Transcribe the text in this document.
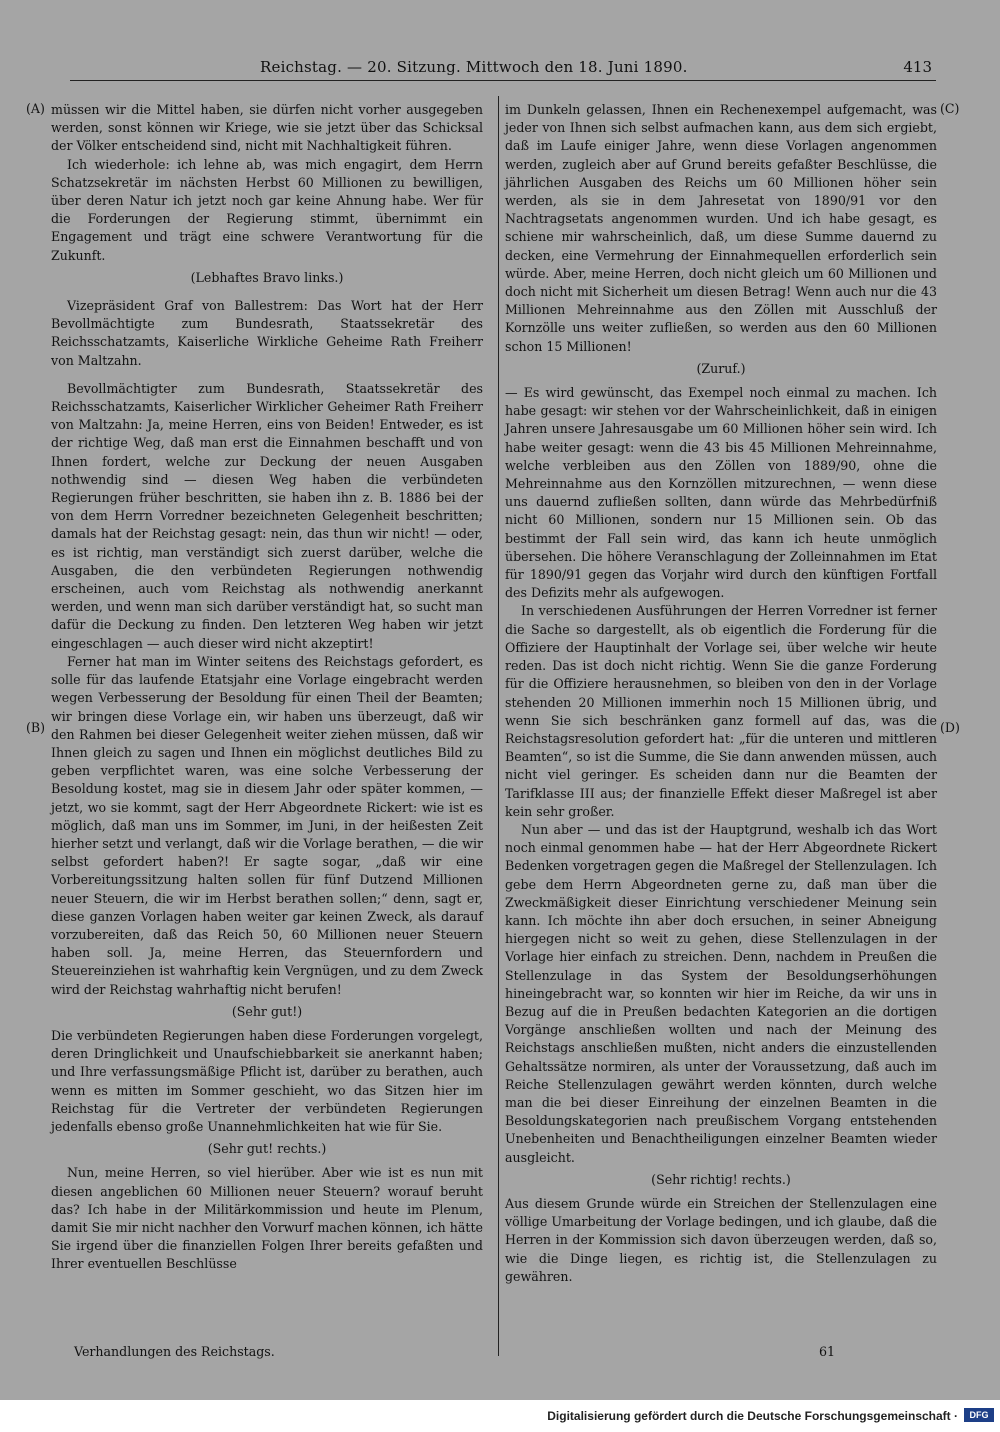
Reichstag. — 20. Sitzung. Mittwoch den 18. Juni 1890.	413
(A)
(B)
(C)
(D)

müssen wir die Mittel haben, sie dürfen nicht vorher ausgegeben werden, sonst können wir Kriege, wie sie jetzt über das Schicksal der Völker entscheidend sind, nicht mit Nachhaltigkeit führen.

Ich wiederhole: ich lehne ab, was mich engagirt, dem Herrn Schatzsekretär im nächsten Herbst 60 Millionen zu bewilligen, über deren Natur ich jetzt noch gar keine Ahnung habe. Wer für die Forderungen der Regierung stimmt, übernimmt ein Engagement und trägt eine schwere Verantwortung für die Zukunft.

(Lebhaftes Bravo links.)

Vizepräsident Graf von Ballestrem: Das Wort hat der Herr Bevollmächtigte zum Bundesrath, Staatssekretär des Reichsschatzamts, Kaiserliche Wirkliche Geheime Rath Freiherr von Maltzahn.

Bevollmächtigter zum Bundesrath, Staatssekretär des Reichsschatzamts, Kaiserlicher Wirklicher Geheimer Rath Freiherr von Maltzahn: Ja, meine Herren, eins von Beiden! Entweder, es ist der richtige Weg, daß man erst die Einnahmen beschafft und von Ihnen fordert, welche zur Deckung der neuen Ausgaben nothwendig sind — diesen Weg haben die verbündeten Regierungen früher beschritten, sie haben ihn z. B. 1886 bei der von dem Herrn Vorredner bezeichneten Gelegenheit beschritten; damals hat der Reichstag gesagt: nein, das thun wir nicht! — oder, es ist richtig, man verständigt sich zuerst darüber, welche die Ausgaben, die den verbündeten Regierungen nothwendig erscheinen, auch vom Reichstag als nothwendig anerkannt werden, und wenn man sich darüber verständigt hat, so sucht man dafür die Deckung zu finden. Den letzteren Weg haben wir jetzt eingeschlagen — auch dieser wird nicht akzeptirt!

Ferner hat man im Winter seitens des Reichstags gefordert, es solle für das laufende Etatsjahr eine Vorlage eingebracht werden wegen Verbesserung der Besoldung für einen Theil der Beamten; wir bringen diese Vorlage ein, wir haben uns überzeugt, daß wir den Rahmen bei dieser Gelegenheit weiter ziehen müssen, daß wir Ihnen gleich zu sagen und Ihnen ein möglichst deutliches Bild zu geben verpflichtet waren, was eine solche Verbesserung der Besoldung kostet, mag sie in diesem Jahr oder später kommen, — jetzt, wo sie kommt, sagt der Herr Abgeordnete Rickert: wie ist es möglich, daß man uns im Sommer, im Juni, in der heißesten Zeit hierher setzt und verlangt, daß wir die Vorlage berathen, — die wir selbst gefordert haben?! Er sagte sogar, „daß wir eine Vorbereitungssitzung halten sollen für fünf Dutzend Millionen neuer Steuern, die wir im Herbst berathen sollen;“ denn, sagt er, diese ganzen Vorlagen haben weiter gar keinen Zweck, als darauf vorzubereiten, daß das Reich 50, 60 Millionen neuer Steuern haben soll. Ja, meine Herren, das Steuernfordern und Steuereinziehen ist wahrhaftig kein Vergnügen, und zu dem Zweck wird der Reichstag wahrhaftig nicht berufen!

(Sehr gut!)

Die verbündeten Regierungen haben diese Forderungen vorgelegt, deren Dringlichkeit und Unaufschiebbarkeit sie anerkannt haben; und Ihre verfassungsmäßige Pflicht ist, darüber zu berathen, auch wenn es mitten im Sommer geschieht, wo das Sitzen hier im Reichstag für die Vertreter der verbündeten Regierungen jedenfalls ebenso große Unannehmlichkeiten hat wie für Sie.

(Sehr gut! rechts.)

Nun, meine Herren, so viel hierüber. Aber wie ist es nun mit diesen angeblichen 60 Millionen neuer Steuern? worauf beruht das? Ich habe in der Militärkommission und heute im Plenum, damit Sie mir nicht nachher den Vorwurf machen können, ich hätte Sie irgend über die finanziellen Folgen Ihrer bereits gefaßten und Ihrer eventuellen Beschlüsse

im Dunkeln gelassen, Ihnen ein Rechenexempel aufgemacht, was jeder von Ihnen sich selbst aufmachen kann, aus dem sich ergiebt, daß im Laufe einiger Jahre, wenn diese Vorlagen angenommen werden, zugleich aber auf Grund bereits gefaßter Beschlüsse, die jährlichen Ausgaben des Reichs um 60 Millionen höher sein werden, als sie in dem Jahresetat von 1890/91 vor den Nachtragsetats angenommen wurden. Und ich habe gesagt, es schiene mir wahrscheinlich, daß, um diese Summe dauernd zu decken, eine Vermehrung der Einnahmequellen erforderlich sein würde. Aber, meine Herren, doch nicht gleich um 60 Millionen und doch nicht mit Sicherheit um diesen Betrag! Wenn auch nur die 43 Millionen Mehreinnahme aus den Zöllen mit Ausschluß der Kornzölle uns weiter zufließen, so werden aus den 60 Millionen schon 15 Millionen!

(Zuruf.)

— Es wird gewünscht, das Exempel noch einmal zu machen. Ich habe gesagt: wir stehen vor der Wahrscheinlichkeit, daß in einigen Jahren unsere Jahresausgabe um 60 Millionen höher sein wird. Ich habe weiter gesagt: wenn die 43 bis 45 Millionen Mehreinnahme, welche verbleiben aus den Zöllen von 1889/90, ohne die Mehreinnahme aus den Kornzöllen mitzurechnen, — wenn diese uns dauernd zufließen sollten, dann würde das Mehrbedürfniß nicht 60 Millionen, sondern nur 15 Millionen sein. Ob das bestimmt der Fall sein wird, das kann ich heute unmöglich übersehen. Die höhere Veranschlagung der Zolleinnahmen im Etat für 1890/91 gegen das Vorjahr wird durch den künftigen Fortfall des Defizits mehr als aufgewogen.

In verschiedenen Ausführungen der Herren Vorredner ist ferner die Sache so dargestellt, als ob eigentlich die Forderung für die Offiziere der Hauptinhalt der Vorlage sei, über welche wir heute reden. Das ist doch nicht richtig. Wenn Sie die ganze Forderung für die Offiziere herausnehmen, so bleiben von den in der Vorlage stehenden 20 Millionen immerhin noch 15 Millionen übrig, und wenn Sie sich beschränken ganz formell auf das, was die Reichstagsresolution gefordert hat: „für die unteren und mittleren Beamten“, so ist die Summe, die Sie dann anwenden müssen, auch nicht viel geringer. Es scheiden dann nur die Beamten der Tarifklasse III aus; der finanzielle Effekt dieser Maßregel ist aber kein sehr großer.

Nun aber — und das ist der Hauptgrund, weshalb ich das Wort noch einmal genommen habe — hat der Herr Abgeordnete Rickert Bedenken vorgetragen gegen die Maßregel der Stellenzulagen. Ich gebe dem Herrn Abgeordneten gerne zu, daß man über die Zweckmäßigkeit dieser Einrichtung verschiedener Meinung sein kann. Ich möchte ihn aber doch ersuchen, in seiner Abneigung hiergegen nicht so weit zu gehen, diese Stellenzulagen in der Vorlage hier einfach zu streichen. Denn, nachdem in Preußen die Stellenzulage in das System der Besoldungserhöhungen hineingebracht war, so konnten wir hier im Reiche, da wir uns in Bezug auf die in Preußen bedachten Kategorien an die dortigen Vorgänge anschließen wollten und nach der Meinung des Reichstags anschließen mußten, nicht anders die einzustellenden Gehaltssätze normiren, als unter der Voraussetzung, daß auch im Reiche Stellenzulagen gewährt werden könnten, durch welche man die bei dieser Einreihung der einzelnen Beamten in die Besoldungskategorien nach preußischem Vorgang entstehenden Unebenheiten und Benachtheiligungen einzelner Beamten wieder ausgleicht.

(Sehr richtig! rechts.)

Aus diesem Grunde würde ein Streichen der Stellenzulagen eine völlige Umarbeitung der Vorlage bedingen, und ich glaube, daß die Herren in der Kommission sich davon überzeugen werden, daß so, wie die Dinge liegen, es richtig ist, die Stellenzulagen zu gewähren.

Verhandlungen des Reichstags.	61
Digitalisierung gefördert durch die Deutsche Forschungsgemeinschaft ·	DFG
